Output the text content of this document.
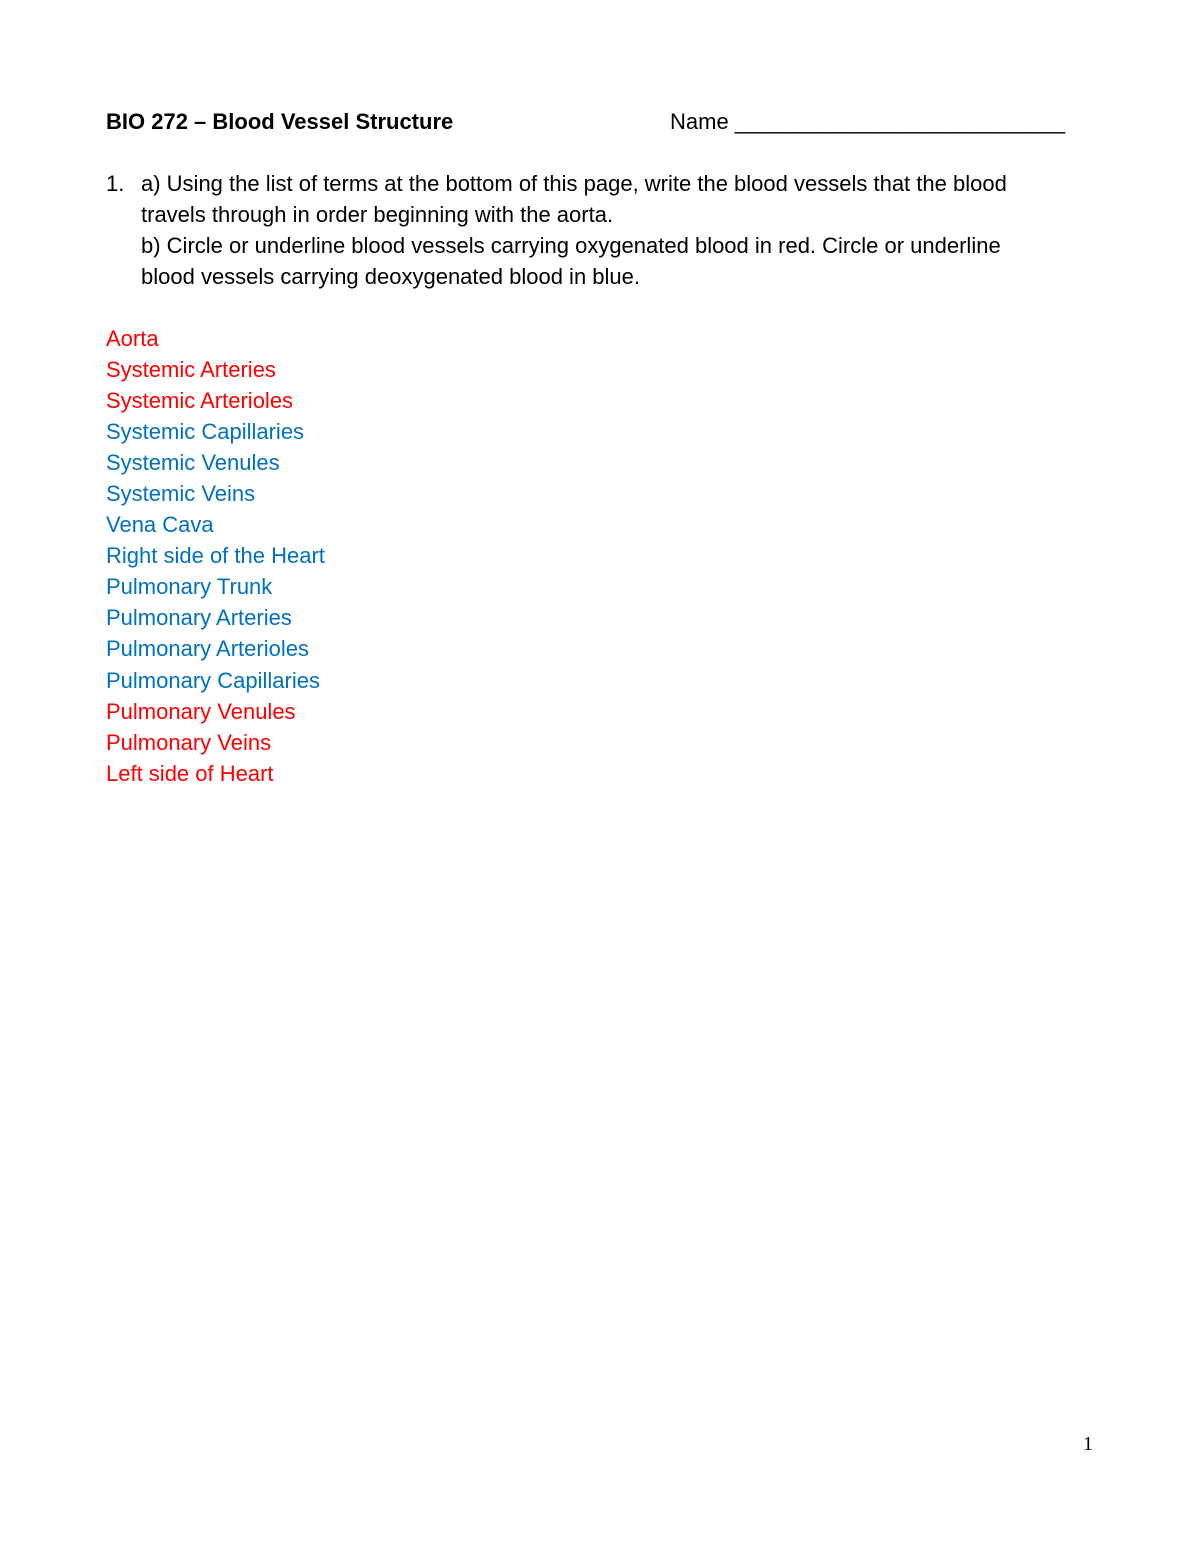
BIO 272 – Blood Vessel Structure	Name ___________________________
1. a) Using the list of terms at the bottom of this page, write the blood vessels that the blood
travels through in order beginning with the aorta.
b) Circle or underline blood vessels carrying oxygenated blood in red. Circle or underline
blood vessels carrying deoxygenated blood in blue.
Aorta
Systemic Arteries
Systemic Arterioles
Systemic Capillaries
Systemic Venules
Systemic Veins
Vena Cava
Right side of the Heart
Pulmonary Trunk
Pulmonary Arteries
Pulmonary Arterioles
Pulmonary Capillaries
Pulmonary Venules
Pulmonary Veins
Left side of Heart
1
